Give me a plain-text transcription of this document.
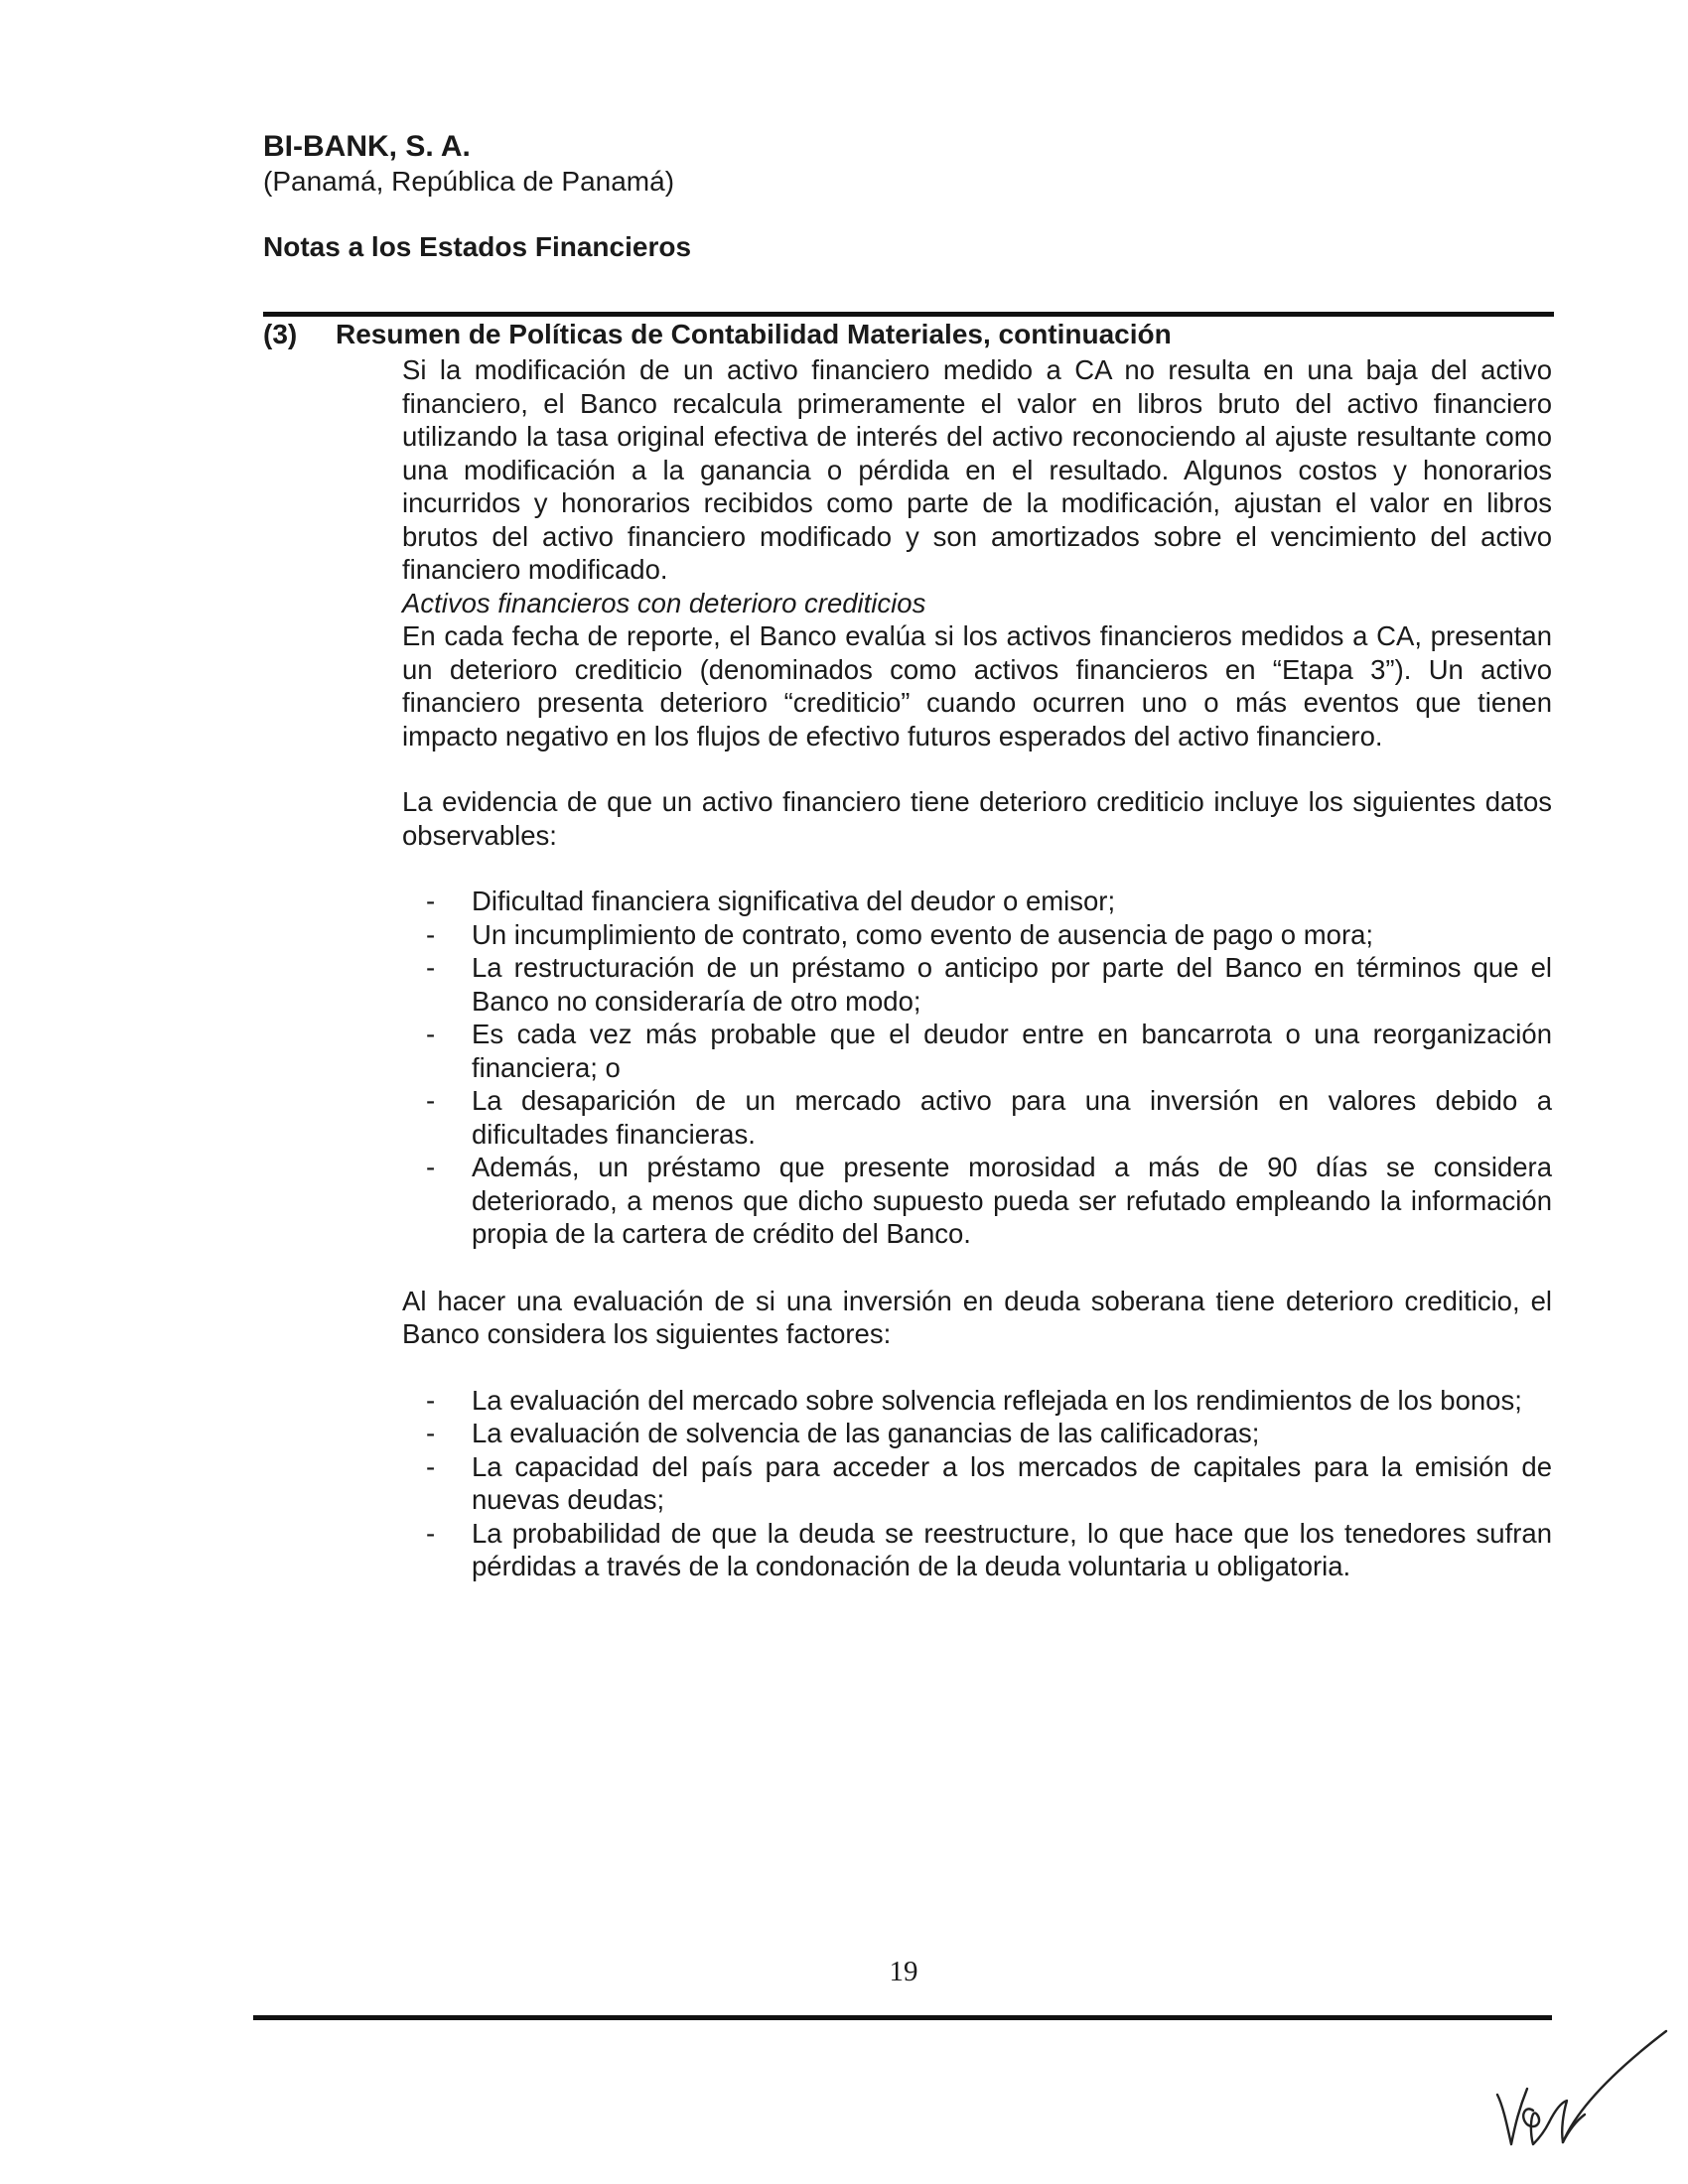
BI-BANK, S. A.

(Panamá, República de Panamá)

Notas a los Estados Financieros

(3) Resumen de Políticas de Contabilidad Materiales, continuación

Si la modificación de un activo financiero medido a CA no resulta en una baja del activo financiero, el Banco recalcula primeramente el valor en libros bruto del activo financiero utilizando la tasa original efectiva de interés del activo reconociendo al ajuste resultante como una modificación a la ganancia o pérdida en el resultado. Algunos costos y honorarios incurridos y honorarios recibidos como parte de la modificación, ajustan el valor en libros brutos del activo financiero modificado y son amortizados sobre el vencimiento del activo financiero modificado.

Activos financieros con deterioro crediticios

En cada fecha de reporte, el Banco evalúa si los activos financieros medidos a CA, presentan un deterioro crediticio (denominados como activos financieros en “Etapa 3”). Un activo financiero presenta deterioro “crediticio” cuando ocurren uno o más eventos que tienen impacto negativo en los flujos de efectivo futuros esperados del activo financiero.

La evidencia de que un activo financiero tiene deterioro crediticio incluye los siguientes datos observables:

- Dificultad financiera significativa del deudor o emisor;
- Un incumplimiento de contrato, como evento de ausencia de pago o mora;
- La restructuración de un préstamo o anticipo por parte del Banco en términos que el Banco no consideraría de otro modo;
- Es cada vez más probable que el deudor entre en bancarrota o una reorganización financiera; o
- La desaparición de un mercado activo para una inversión en valores debido a dificultades financieras.
- Además, un préstamo que presente morosidad a más de 90 días se considera deteriorado, a menos que dicho supuesto pueda ser refutado empleando la información propia de la cartera de crédito del Banco.

Al hacer una evaluación de si una inversión en deuda soberana tiene deterioro crediticio, el Banco considera los siguientes factores:

- La evaluación del mercado sobre solvencia reflejada en los rendimientos de los bonos;
- La evaluación de solvencia de las ganancias de las calificadoras;
- La capacidad del país para acceder a los mercados de capitales para la emisión de nuevas deudas;
- La probabilidad de que la deuda se reestructure, lo que hace que los tenedores sufran pérdidas a través de la condonación de la deuda voluntaria u obligatoria.
19
